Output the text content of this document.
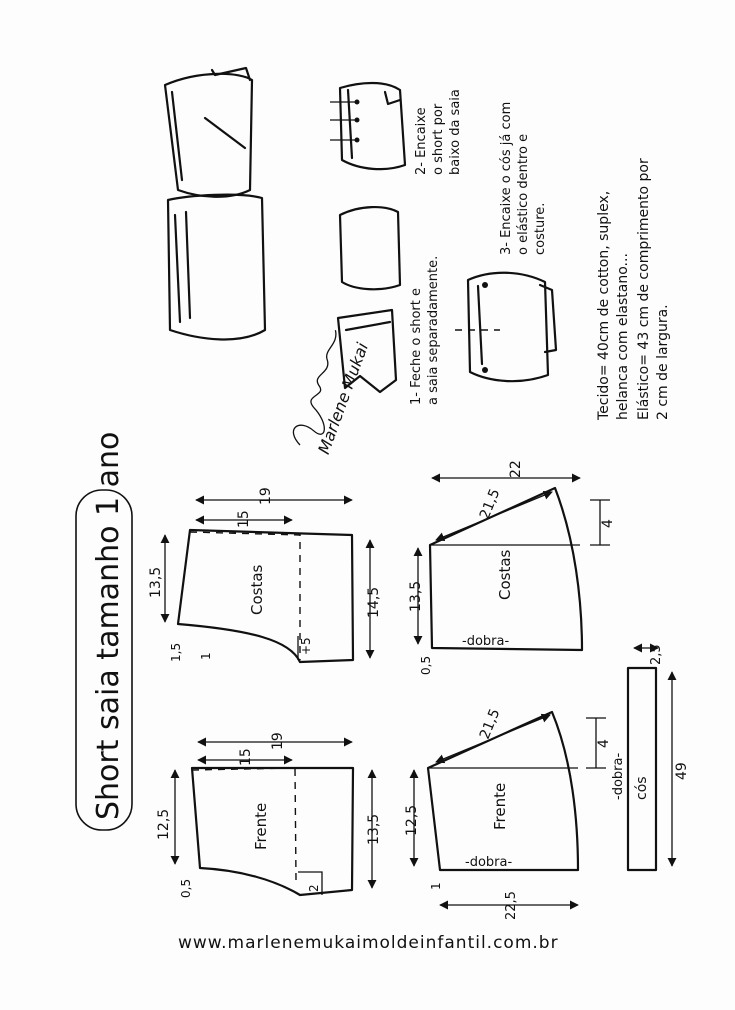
Short saia tamanho 1 ano
www.marlenemukaimoldeinfantil.com.br
Marlene Mukai	1- Feche o short e a saia separadamente.
2- Encaixe o short por baixo da saia	3- Encaixe o cós já com o elástico dentro e costure.	Tecido= 40cm de cotton, suplex, helanca com elastano... Elástico= 43 cm de comprimento por 2 cm de largura.
19
15
13,5
14,5
1,5 1
+5
Costas
19
15
12,5	13,5
0,5	2
Frente
22
21,5
13,5
4
0,5
-dobra-
Costas
21,5
12,5
4
1
22,5
-dobra-
Frente
2,5
49
-dobra- cós
